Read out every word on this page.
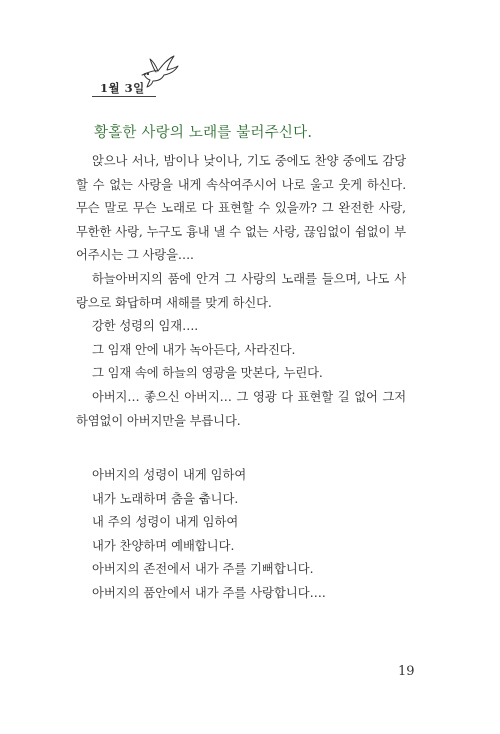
1월 3일
황홀한 사랑의 노래를 불러주신다.

앉으나 서나, 밤이나 낮이나, 기도 중에도 찬양 중에도 감당할 수 없는 사랑을 내게 속삭여주시어 나로 울고 웃게 하신다. 무슨 말로 무슨 노래로 다 표현할 수 있을까? 그 완전한 사랑, 무한한 사랑, 누구도 흉내 낼 수 없는 사랑, 끊임없이 쉼없이 부어주시는 그 사랑을….

하늘아버지의 품에 안겨 그 사랑의 노래를 들으며, 나도 사랑으로 화답하며 새해를 맞게 하신다.

강한 성령의 임재….

그 임재 안에 내가 녹아든다, 사라진다.

그 임재 속에 하늘의 영광을 맛본다, 누린다.

아버지… 좋으신 아버지… 그 영광 다 표현할 길 없어 그저 하염없이 아버지만을 부릅니다.

아버지의 성령이 내게 임하여

내가 노래하며 춤을 춥니다.

내 주의 성령이 내게 임하여

내가 찬양하며 예배합니다.

아버지의 존전에서 내가 주를 기뻐합니다.

아버지의 품안에서 내가 주를 사랑합니다….

19
